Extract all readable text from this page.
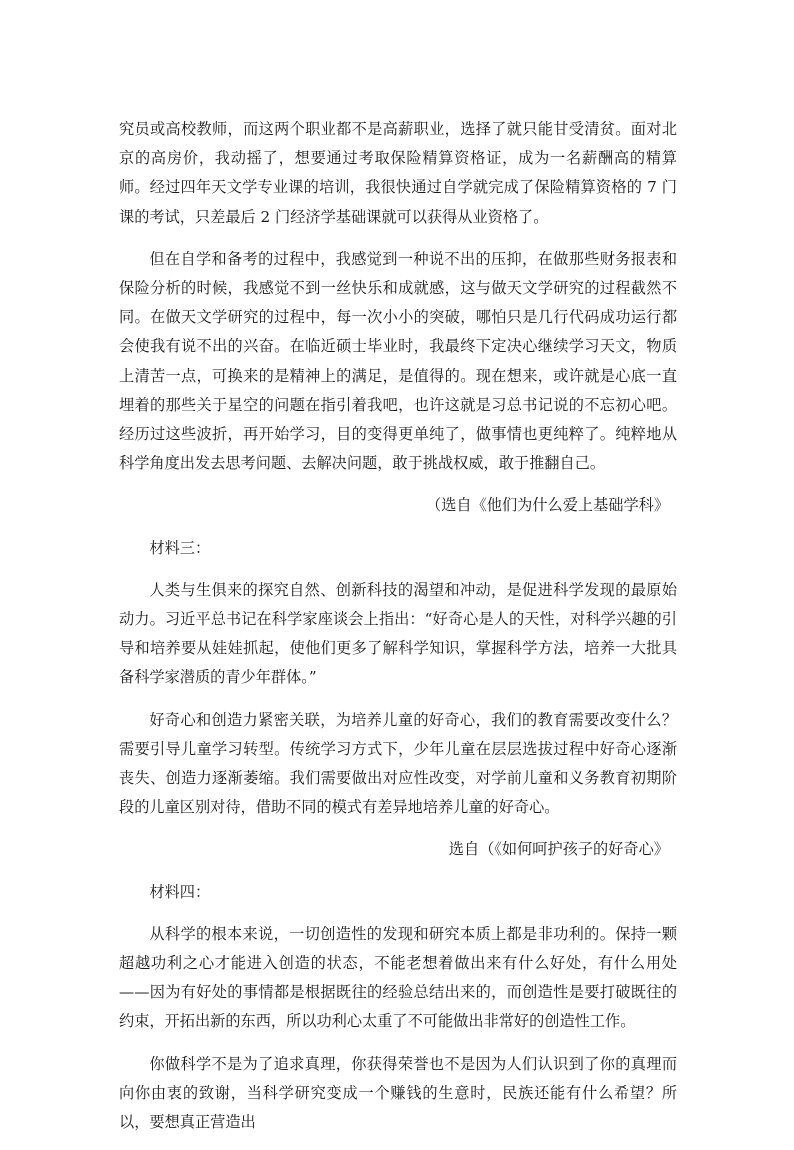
究员或高校教师，而这两个职业都不是高薪职业，选择了就只能甘受清贫。面对北京的高房价，我动摇了，想要通过考取保险精算资格证，成为一名薪酬高的精算师。经过四年天文学专业课的培训，我很快通过自学就完成了保险精算资格的 7 门课的考试，只差最后 2 门经济学基础课就可以获得从业资格了。

但在自学和备考的过程中，我感觉到一种说不出的压抑，在做那些财务报表和保险分析的时候，我感觉不到一丝快乐和成就感，这与做天文学研究的过程截然不同。在做天文学研究的过程中，每一次小小的突破，哪怕只是几行代码成功运行都会使我有说不出的兴奋。在临近硕士毕业时，我最终下定决心继续学习天文，物质上清苦一点，可换来的是精神上的满足，是值得的。现在想来，或许就是心底一直埋着的那些关于星空的问题在指引着我吧，也许这就是习总书记说的不忘初心吧。经历过这些波折，再开始学习，目的变得更单纯了，做事情也更纯粹了。纯粹地从科学角度出发去思考问题、去解决问题，敢于挑战权威，敢于推翻自己。

（选自《他们为什么爱上基础学科》

材料三：

人类与生俱来的探究自然、创新科技的渴望和冲动，是促进科学发现的最原始动力。习近平总书记在科学家座谈会上指出：“好奇心是人的天性，对科学兴趣的引导和培养要从娃娃抓起，使他们更多了解科学知识，掌握科学方法，培养一大批具备科学家潜质的青少年群体。”

好奇心和创造力紧密关联，为培养儿童的好奇心，我们的教育需要改变什么？需要引导儿童学习转型。传统学习方式下，少年儿童在层层选拔过程中好奇心逐渐丧失、创造力逐渐萎缩。我们需要做出对应性改变，对学前儿童和义务教育初期阶段的儿童区别对待，借助不同的模式有差异地培养儿童的好奇心。

选自（《如何呵护孩子的好奇心》

材料四：

从科学的根本来说，一切创造性的发现和研究本质上都是非功利的。保持一颗超越功利之心才能进入创造的状态，不能老想着做出来有什么好处，有什么用处——因为有好处的事情都是根据既往的经验总结出来的，而创造性是要打破既往的约束，开拓出新的东西，所以功利心太重了不可能做出非常好的创造性工作。

你做科学不是为了追求真理，你获得荣誉也不是因为人们认识到了你的真理而向你由衷的致谢，当科学研究变成一个赚钱的生意时，民族还能有什么希望？所以，要想真正营造出
